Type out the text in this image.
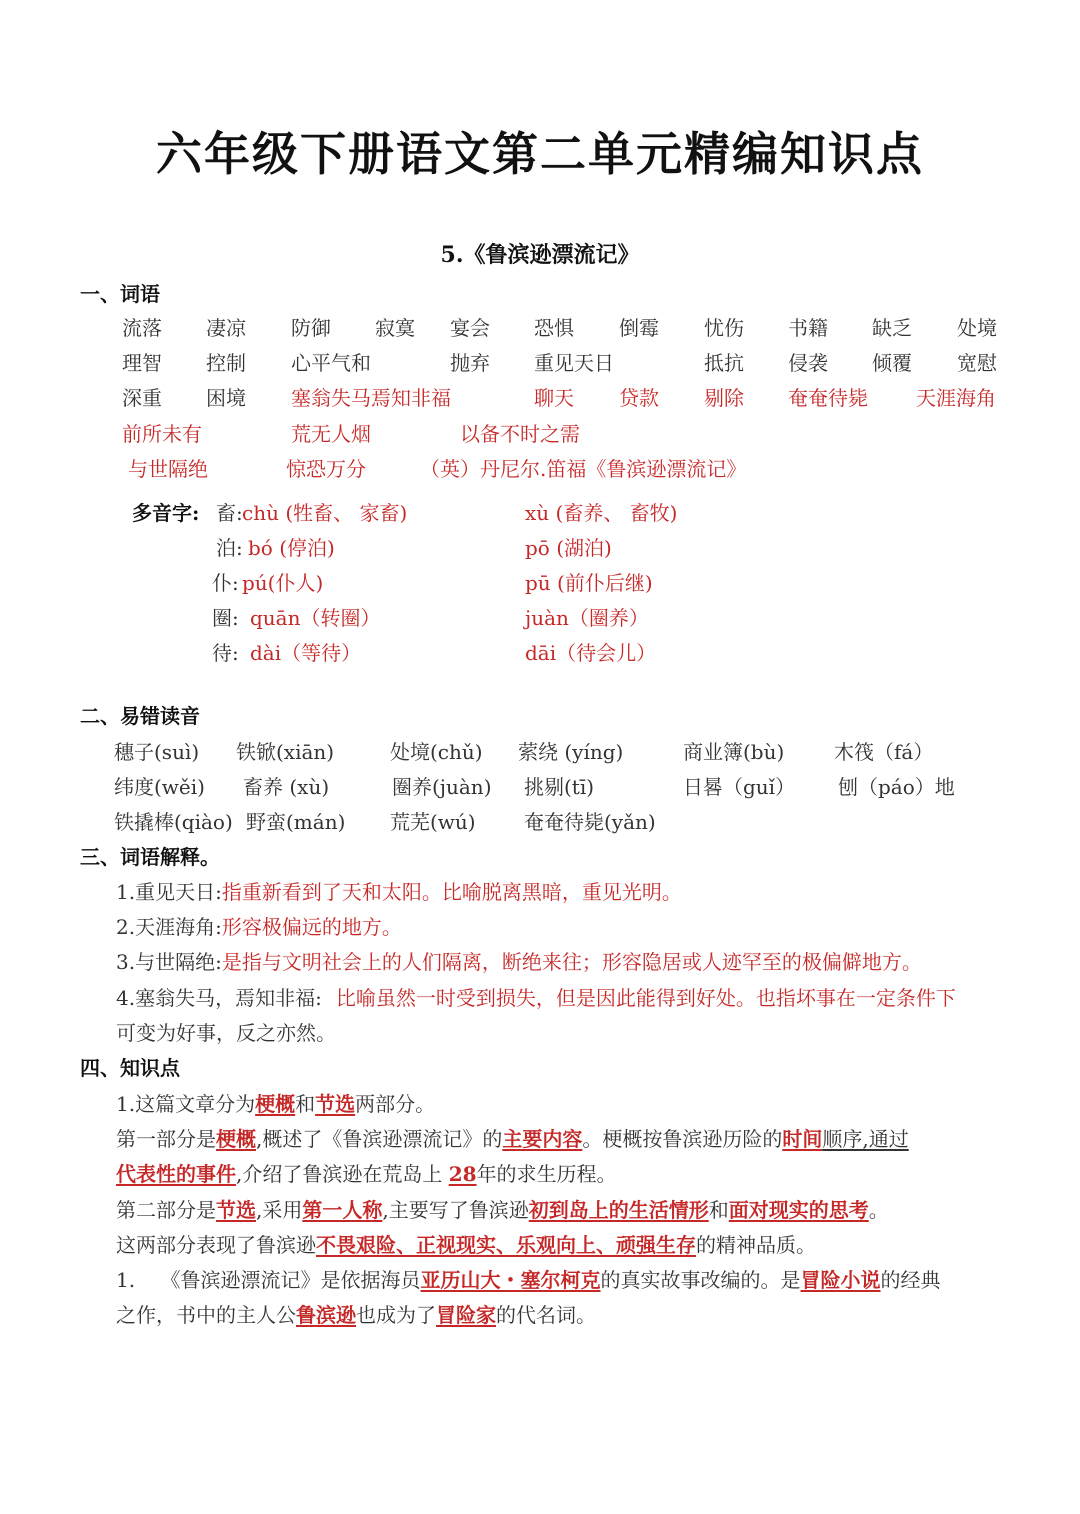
六年级下册语文第二单元精编知识点
5.《鲁滨逊漂流记》
一、词语
流落 凄凉 防御 寂寞 宴会 恐惧 倒霉 忧伤 书籍 缺乏 处境
理智 控制 心平气和	抛弃 重见天日	抵抗 侵袭 倾覆 宽慰
深重 困境 塞翁失马焉知非福	聊天 贷款 剔除 奄奄待毙 天涯海角
前所未有	荒无人烟	以备不时之需
与世隔绝	惊恐万分	（英）丹尼尔.笛福《鲁滨逊漂流记》
多音字: 畜: chù (牲畜、 家畜)	xù (畜养、 畜牧)
泊: bó (停泊)	pō (湖泊)
仆: pú(仆人)	pū (前仆后继)
圈: quān（转圈）	juàn（圈养）
待: dài（等待）	dāi（待会儿）
二、易错读音
穗子(suì) 铁锨(xiān)	处境(chǔ) 萦绕 (yíng)	商业簿(bù) 木筏（fá）
纬度(wěi) 畜养 (xù)	圈养(juàn) 挑剔(tī)	日晷（guǐ） 刨（páo）地
铁撬棒(qiào) 野蛮(mán) 荒芜(wú) 奄奄待毙(yǎn)
三、词语解释。
1.重见天日:指重新看到了天和太阳。比喻脱离黑暗，重见光明。
2.天涯海角:形容极偏远的地方。
3.与世隔绝:是指与文明社会上的人们隔离，断绝来往；形容隐居或人迹罕至的极偏僻地方。
4.塞翁失马，焉知非福: 比喻虽然一时受到损失，但是因此能得到好处。也指坏事在一定条件下
可变为好事，反之亦然。
四、知识点
1.这篇文章分为梗概和节选两部分。
第一部分是梗概,概述了《鲁滨逊漂流记》的主要内容。梗概按鲁滨逊历险的时间顺序,通过
代表性的事件,介绍了鲁滨逊在荒岛上 28年的求生历程。
第二部分是节选,采用第一人称,主要写了鲁滨逊初到岛上的生活情形和面对现实的思考。
这两部分表现了鲁滨逊不畏艰险、正视现实、乐观向上、顽强生存的精神品质。
1.    《鲁滨逊漂流记》是依据海员亚历山大・塞尔柯克的真实故事改编的。是冒险小说的经典
之作，书中的主人公鲁滨逊也成为了冒险家的代名词。
